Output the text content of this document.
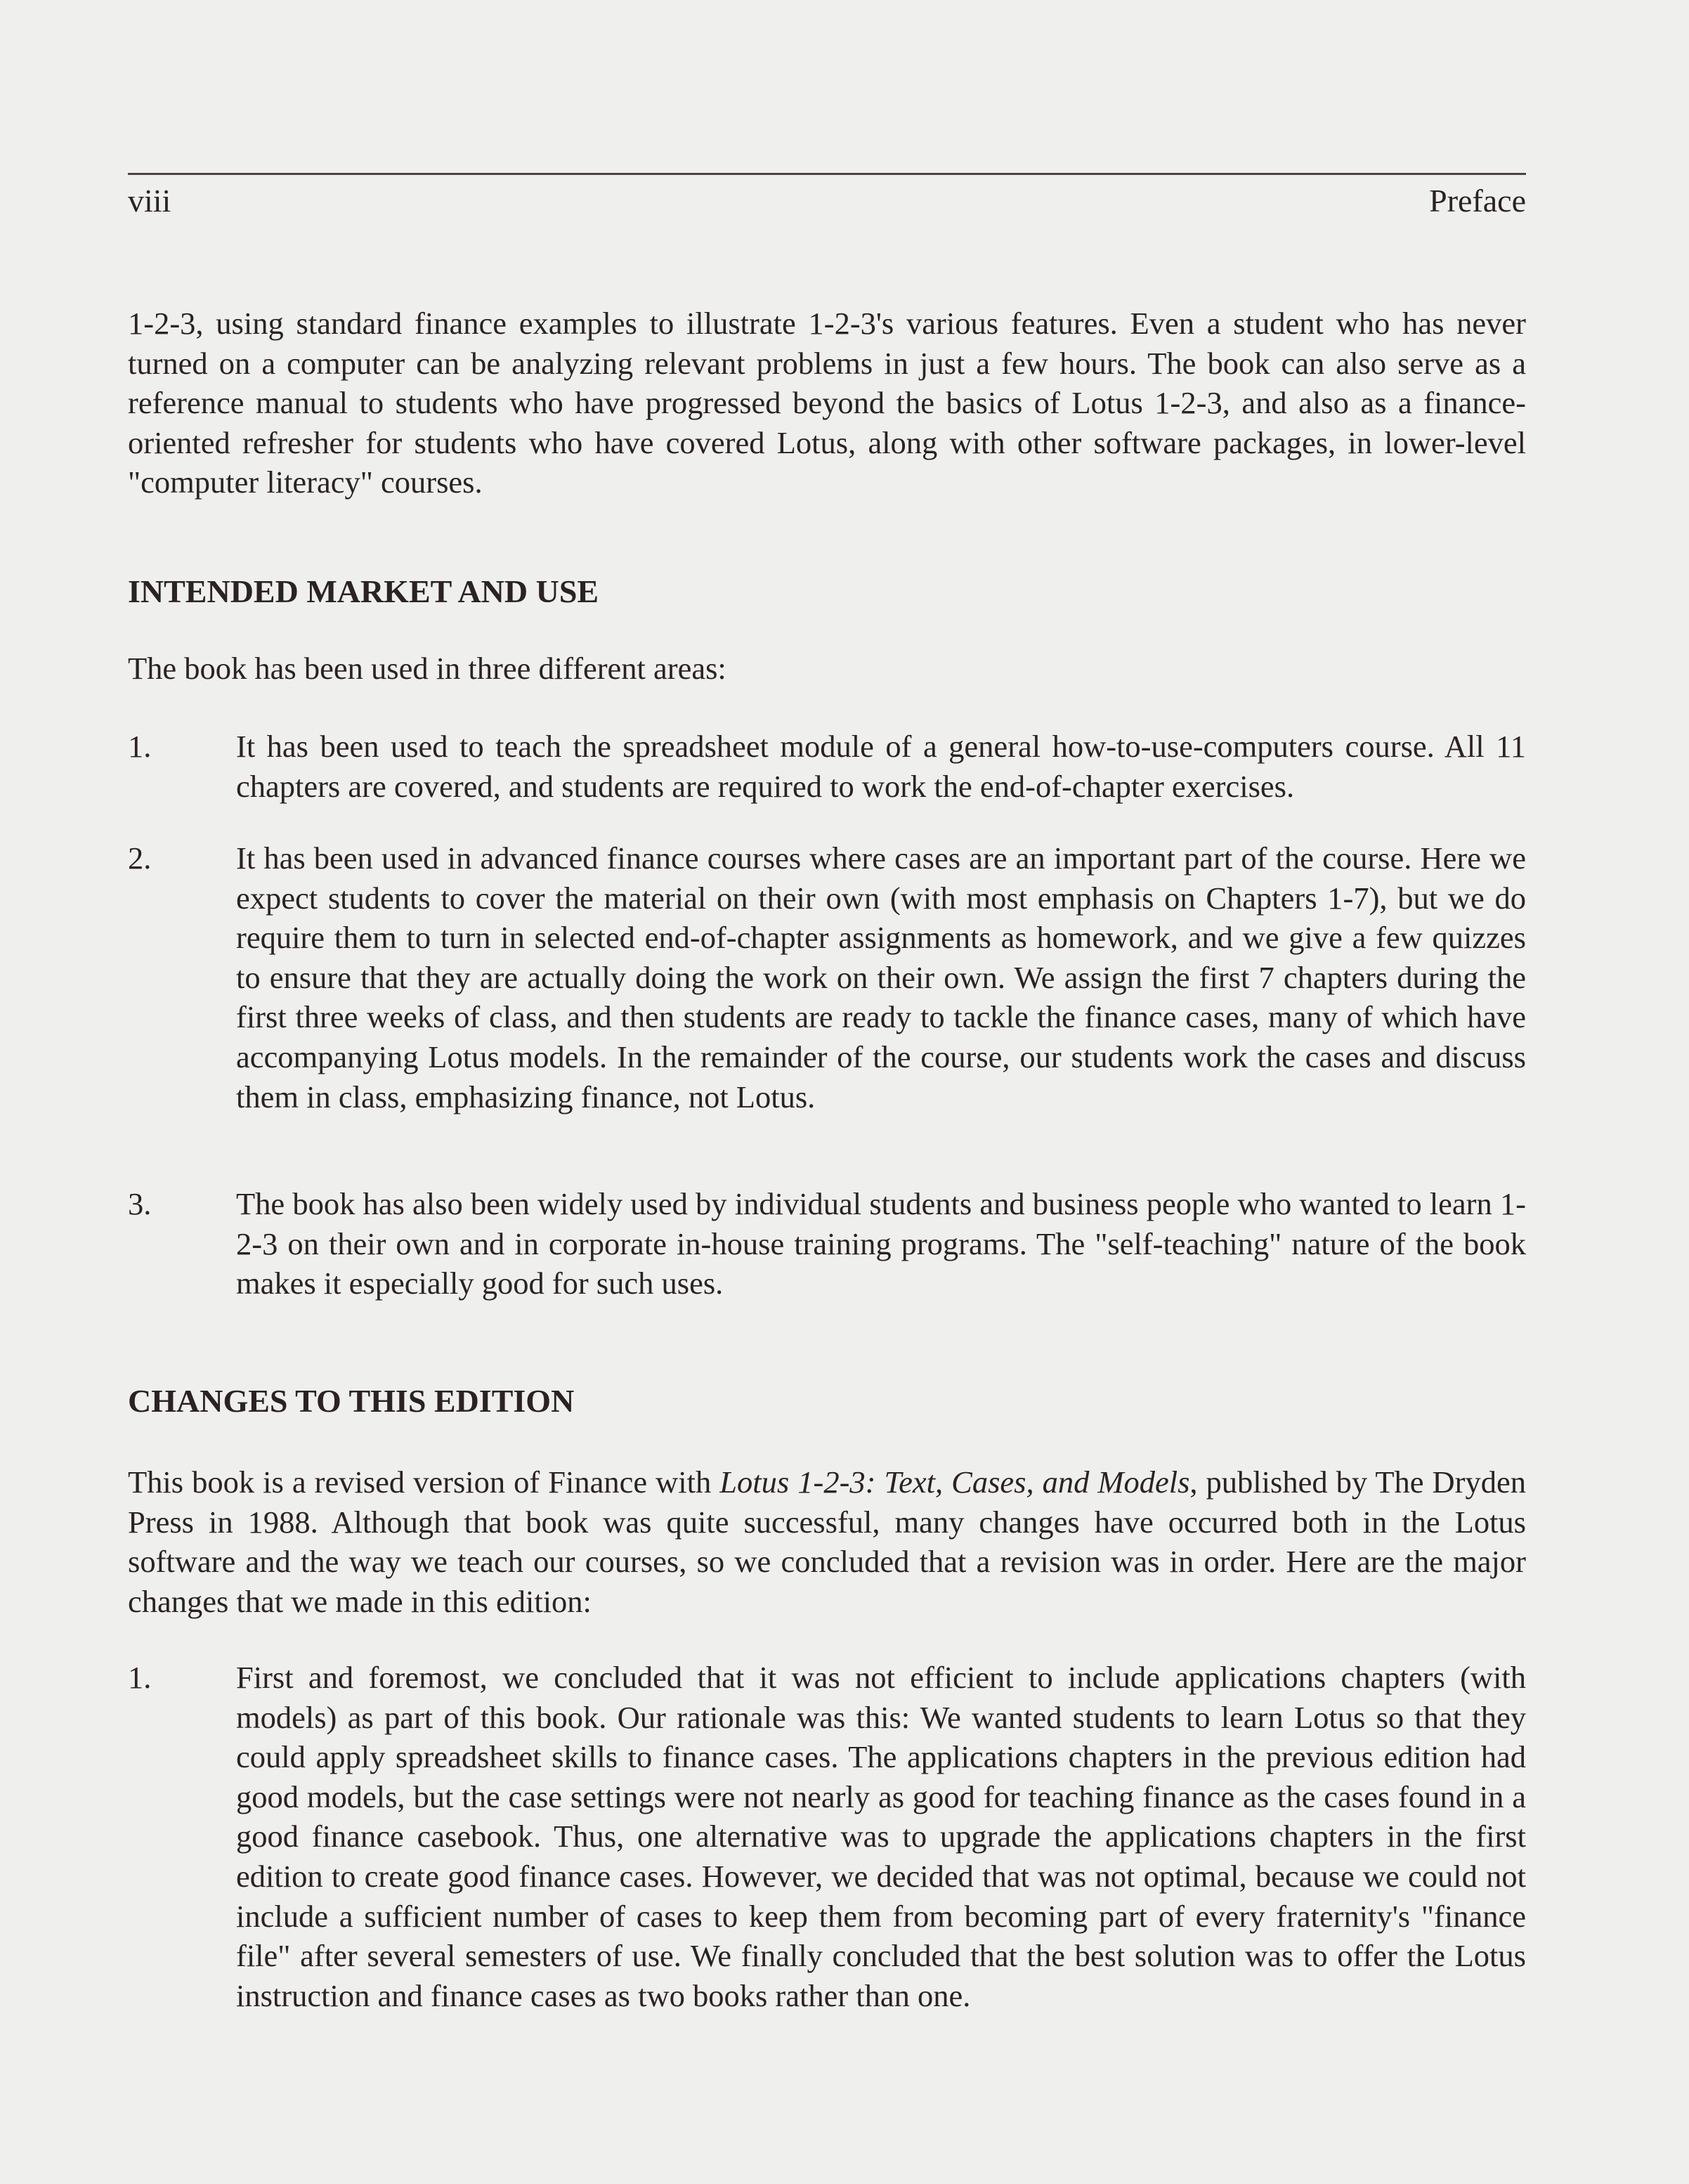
viii	Preface
1-2-3, using standard finance examples to illustrate 1-2-3's various features. Even a student who has never turned on a computer can be analyzing relevant problems in just a few hours. The book can also serve as a reference manual to students who have progressed beyond the basics of Lotus 1-2-3, and also as a finance-oriented refresher for students who have covered Lotus, along with other software packages, in lower-level "computer literacy" courses.
INTENDED MARKET AND USE
The book has been used in three different areas:
1.	It has been used to teach the spreadsheet module of a general how-to-use-computers course. All 11 chapters are covered, and students are required to work the end-of-chapter exercises.
2.	It has been used in advanced finance courses where cases are an important part of the course. Here we expect students to cover the material on their own (with most emphasis on Chapters 1-7), but we do require them to turn in selected end-of-chapter assignments as homework, and we give a few quizzes to ensure that they are actually doing the work on their own. We assign the first 7 chapters during the first three weeks of class, and then students are ready to tackle the finance cases, many of which have accompanying Lotus models. In the remainder of the course, our students work the cases and discuss them in class, emphasizing finance, not Lotus.
3.	The book has also been widely used by individual students and business people who wanted to learn 1-2-3 on their own and in corporate in-house training programs. The "self-teaching" nature of the book makes it especially good for such uses.
CHANGES TO THIS EDITION
This book is a revised version of Finance with Lotus 1-2-3: Text, Cases, and Models, published by The Dryden Press in 1988. Although that book was quite successful, many changes have occurred both in the Lotus software and the way we teach our courses, so we concluded that a revision was in order. Here are the major changes that we made in this edition:
1.	First and foremost, we concluded that it was not efficient to include applications chapters (with models) as part of this book. Our rationale was this: We wanted students to learn Lotus so that they could apply spreadsheet skills to finance cases. The applications chapters in the previous edition had good models, but the case settings were not nearly as good for teaching finance as the cases found in a good finance casebook. Thus, one alternative was to upgrade the applications chapters in the first edition to create good finance cases. However, we decided that was not optimal, because we could not include a sufficient number of cases to keep them from becoming part of every fraternity's "finance file" after several semesters of use. We finally concluded that the best solution was to offer the Lotus instruction and finance cases as two books rather than one.
